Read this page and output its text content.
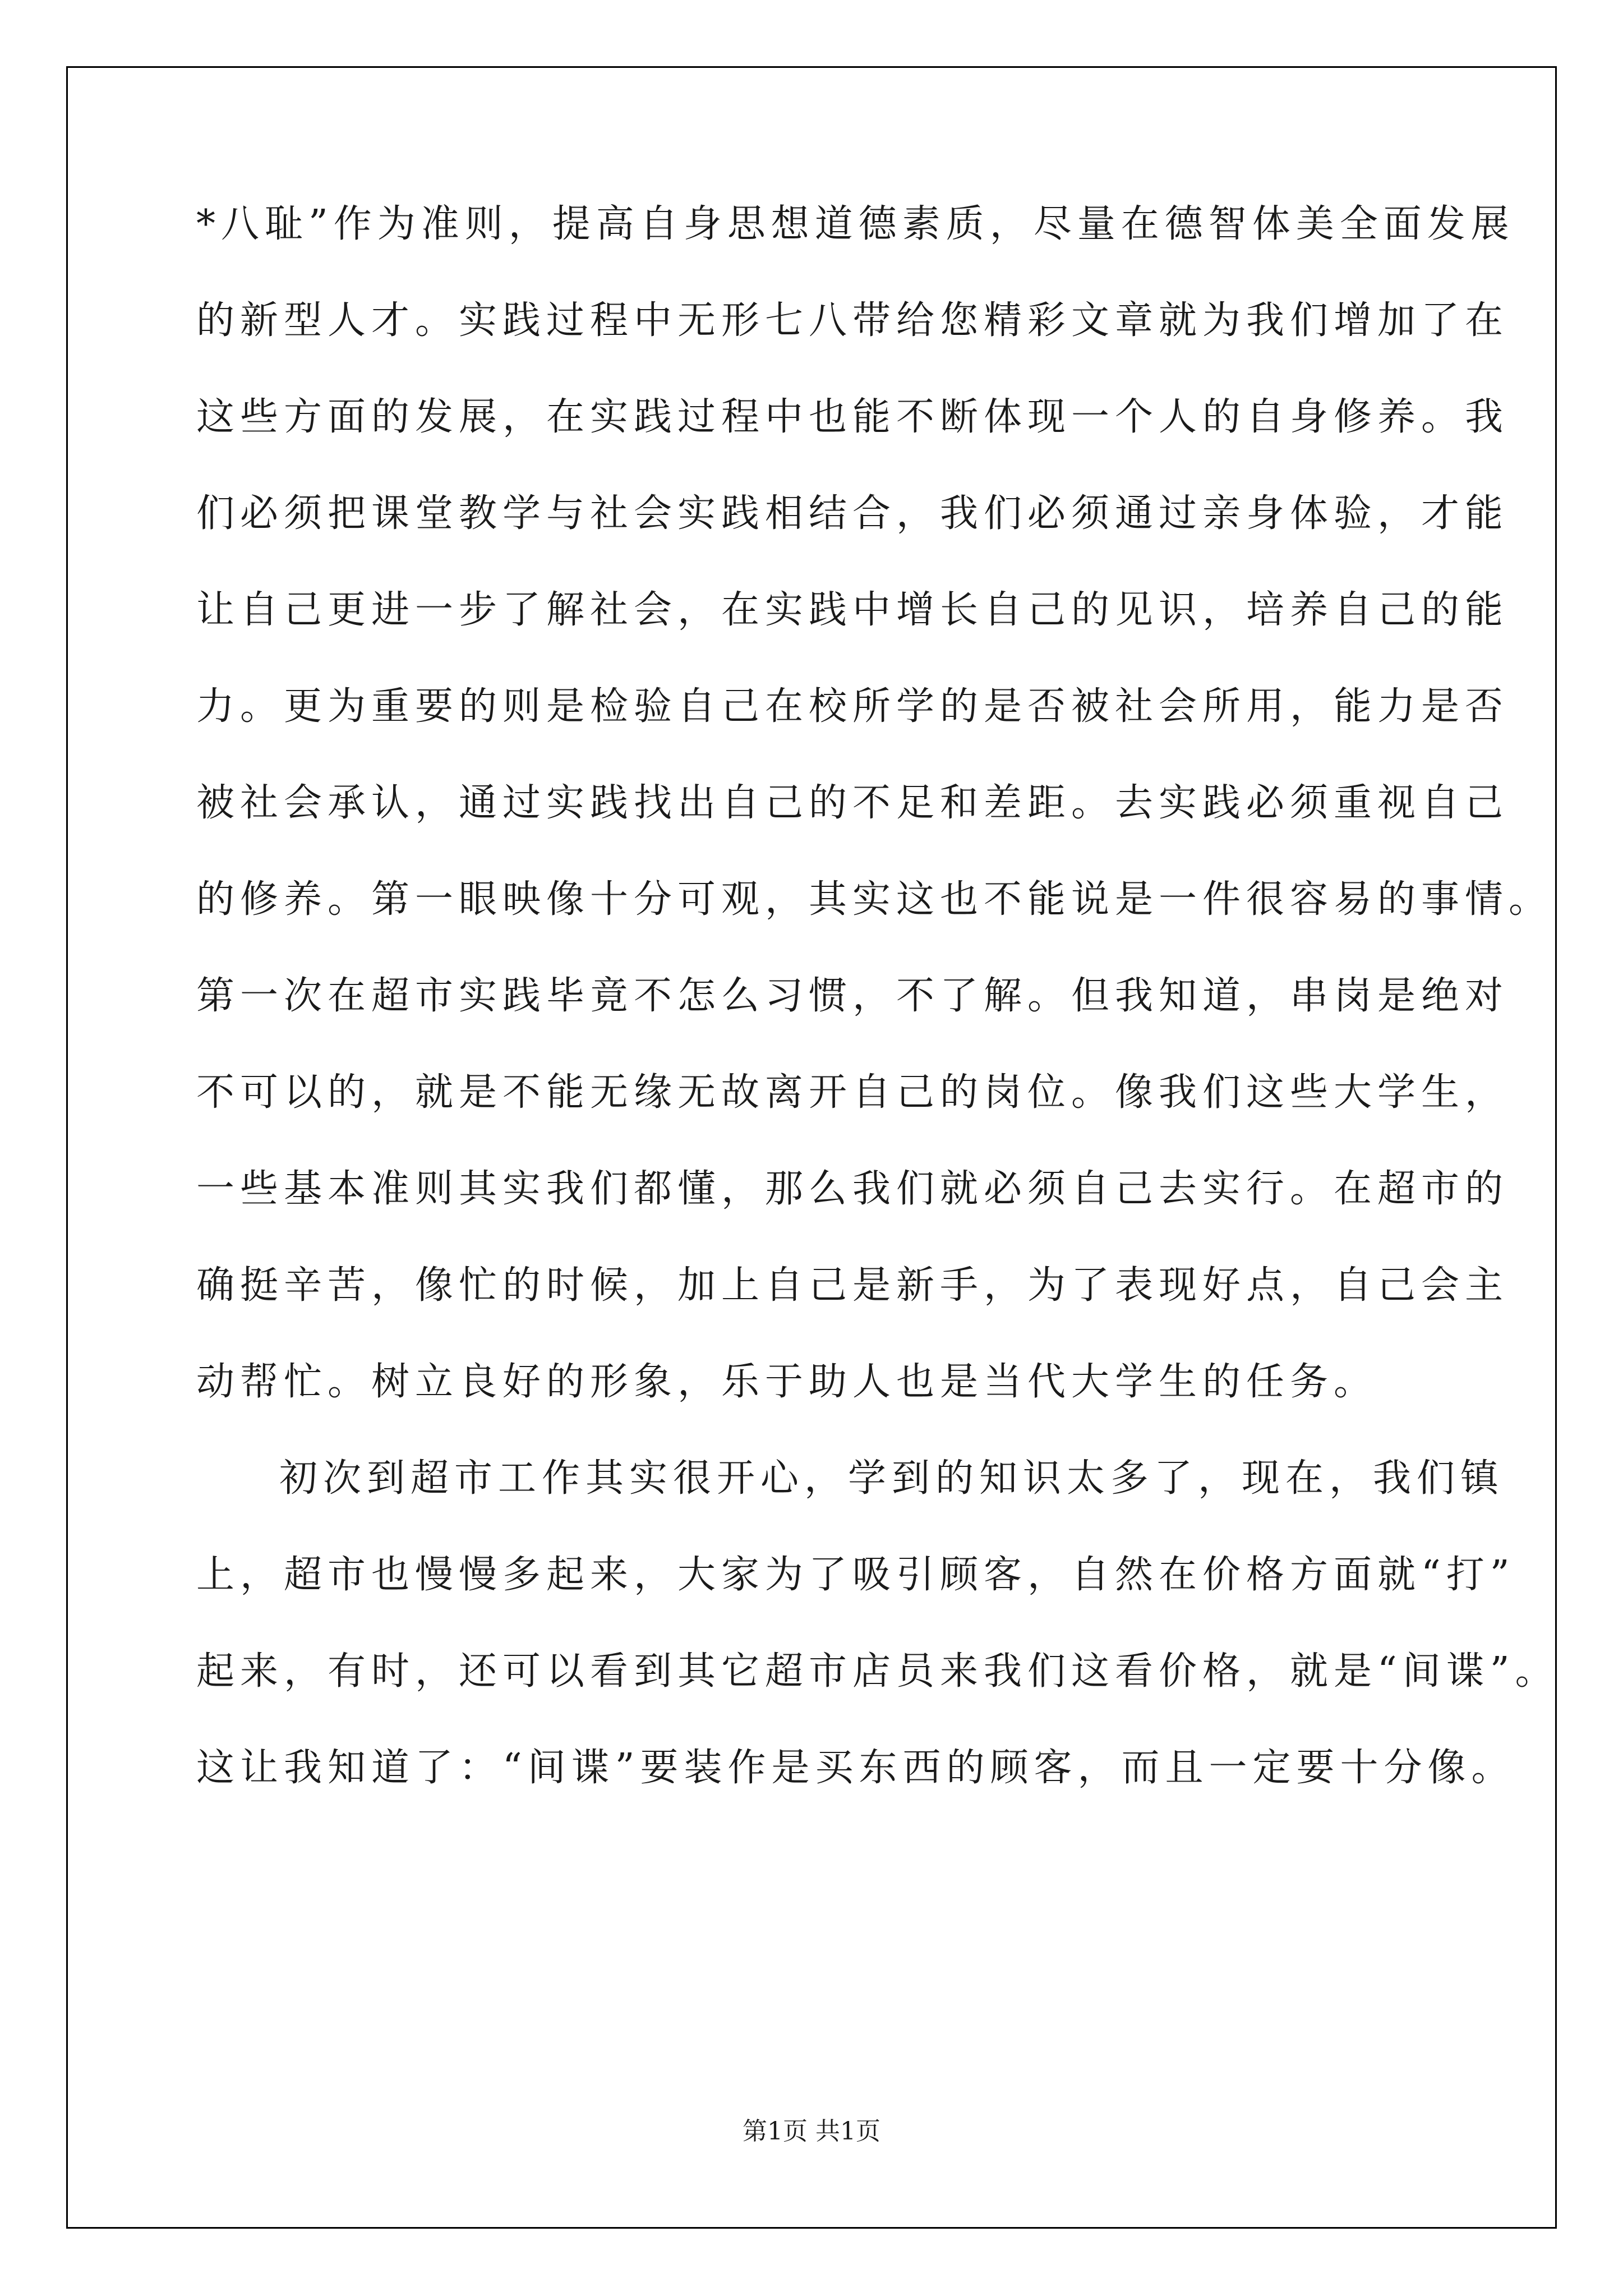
*八耻”作为准则，提高自身思想道德素质，尽量在德智体美全面发展
的新型人才。实践过程中无形七八带给您精彩文章就为我们增加了在
这些方面的发展，在实践过程中也能不断体现一个人的自身修养。我
们必须把课堂教学与社会实践相结合，我们必须通过亲身体验，才能
让自己更进一步了解社会，在实践中增长自己的见识，培养自己的能
力。更为重要的则是检验自己在校所学的是否被社会所用，能力是否
被社会承认，通过实践找出自己的不足和差距。去实践必须重视自己
的修养。第一眼映像十分可观，其实这也不能说是一件很容易的事情。
第一次在超市实践毕竟不怎么习惯，不了解。但我知道，串岗是绝对
不可以的，就是不能无缘无故离开自己的岗位。像我们这些大学生，
一些基本准则其实我们都懂，那么我们就必须自己去实行。在超市的
确挺辛苦，像忙的时候，加上自己是新手，为了表现好点，自己会主
动帮忙。树立良好的形象，乐于助人也是当代大学生的任务。
初次到超市工作其实很开心，学到的知识太多了，现在，我们镇
上，超市也慢慢多起来，大家为了吸引顾客，自然在价格方面就“打”
起来，有时，还可以看到其它超市店员来我们这看价格，就是“间谍”。
这让我知道了：“间谍”要装作是买东西的顾客，而且一定要十分像。
第1页 共1页
